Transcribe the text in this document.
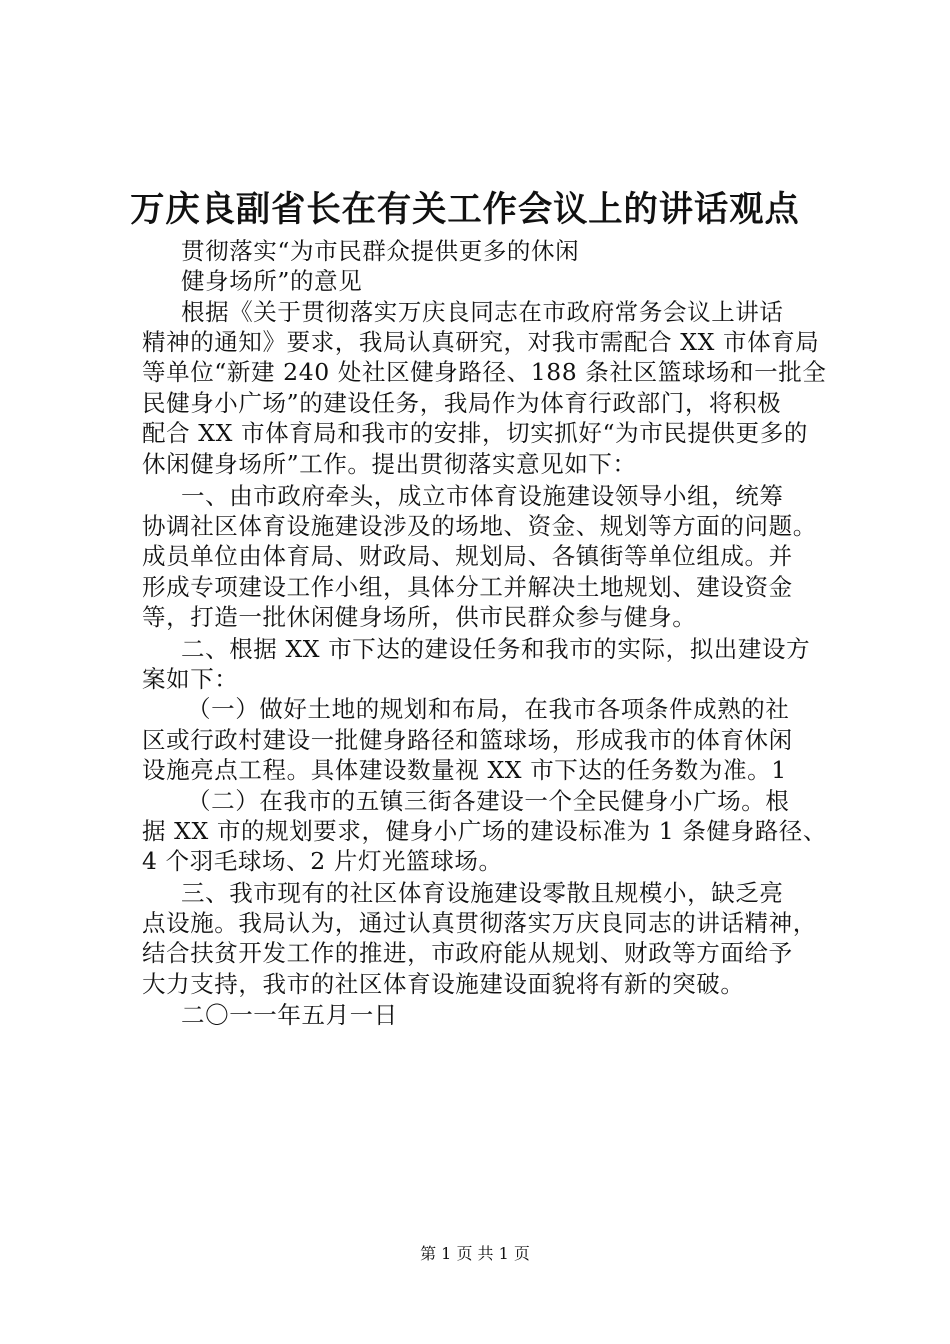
万庆良副省长在有关工作会议上的讲话观点
贯彻落实“为市民群众提供更多的休闲
健身场所”的意见
根据《关于贯彻落实万庆良同志在市政府常务会议上讲话
精神的通知》要求，我局认真研究，对我市需配合 XX 市体育局
等单位“新建 240 处社区健身路径、188 条社区篮球场和一批全
民健身小广场”的建设任务，我局作为体育行政部门，将积极
配合 XX 市体育局和我市的安排，切实抓好“为市民提供更多的
休闲健身场所”工作。提出贯彻落实意见如下：
一、由市政府牵头，成立市体育设施建设领导小组，统筹
协调社区体育设施建设涉及的场地、资金、规划等方面的问题。
成员单位由体育局、财政局、规划局、各镇街等单位组成。并
形成专项建设工作小组，具体分工并解决土地规划、建设资金
等，打造一批休闲健身场所，供市民群众参与健身。
二、根据 XX 市下达的建设任务和我市的实际，拟出建设方
案如下：
（一）做好土地的规划和布局，在我市各项条件成熟的社
区或行政村建设一批健身路径和篮球场，形成我市的体育休闲
设施亮点工程。具体建设数量视 XX 市下达的任务数为准。1
（二）在我市的五镇三街各建设一个全民健身小广场。根
据 XX 市的规划要求，健身小广场的建设标准为 1 条健身路径、
4 个羽毛球场、2 片灯光篮球场。
三、我市现有的社区体育设施建设零散且规模小，缺乏亮
点设施。我局认为，通过认真贯彻落实万庆良同志的讲话精神，
结合扶贫开发工作的推进，市政府能从规划、财政等方面给予
大力支持，我市的社区体育设施建设面貌将有新的突破。
二〇一一年五月一日
第 1 页 共 1 页
